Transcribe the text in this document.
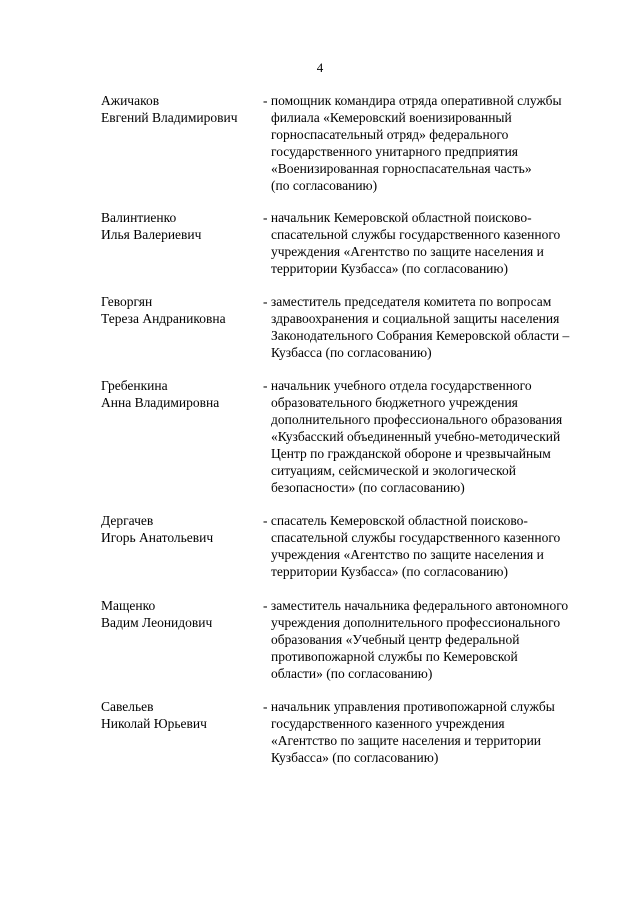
4
Ажичаков
Евгений Владимирович
- помощник командира отряда оперативной службы
филиала «Кемеровский военизированный
горноспасательный отряд» федерального
государственного унитарного предприятия
«Военизированная горноспасательная часть»
(по согласованию)
Валинтиенко
Илья Валериевич
- начальник Кемеровской областной поисково-
спасательной службы государственного казенного
учреждения «Агентство по защите населения и
территории Кузбасса» (по согласованию)
Геворгян
Тереза Андраниковна
- заместитель председателя комитета по вопросам
здравоохранения и социальной защиты населения
Законодательного Собрания Кемеровской области –
Кузбасса (по согласованию)
Гребенкина
Анна Владимировна
- начальник учебного отдела государственного
образовательного бюджетного учреждения
дополнительного профессионального образования
«Кузбасский объединенный учебно-методический
Центр по гражданской обороне и чрезвычайным
ситуациям, сейсмической и экологической
безопасности» (по согласованию)
Дергачев
Игорь Анатольевич
- спасатель Кемеровской областной поисково-
спасательной службы государственного казенного
учреждения «Агентство по защите населения и
территории Кузбасса» (по согласованию)
Мащенко
Вадим Леонидович
- заместитель начальника федерального автономного
учреждения дополнительного профессионального
образования «Учебный центр федеральной
противопожарной службы по Кемеровской
области» (по согласованию)
Савельев
Николай Юрьевич
- начальник управления противопожарной службы
государственного казенного учреждения
«Агентство по защите населения и территории
Кузбасса» (по согласованию)
